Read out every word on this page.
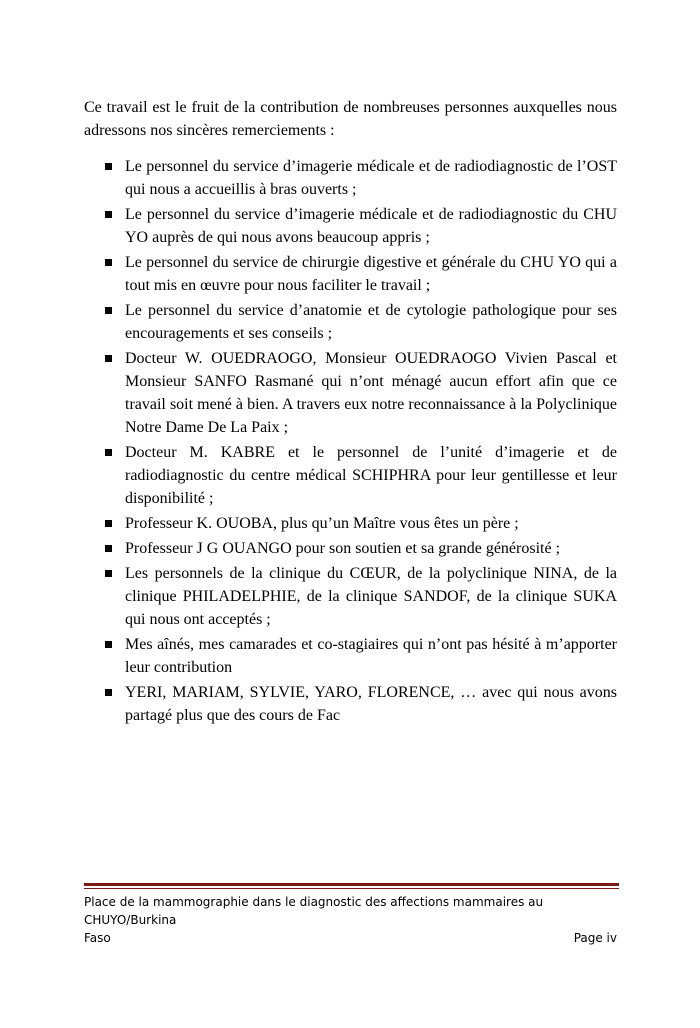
Ce travail est le fruit de la contribution de nombreuses personnes auxquelles nous adressons nos sincères remerciements :

Le personnel du service d’imagerie médicale et de radiodiagnostic de l’OST qui nous a accueillis à bras ouverts ;
Le personnel du service d’imagerie médicale et de radiodiagnostic du CHU YO auprès de qui nous avons beaucoup appris ;
Le personnel du service de chirurgie digestive et générale du CHU YO qui a tout mis en œuvre pour nous faciliter le travail ;
Le personnel du service d’anatomie et de cytologie pathologique pour ses encouragements et ses conseils ;
Docteur W. OUEDRAOGO, Monsieur OUEDRAOGO Vivien Pascal et Monsieur SANFO Rasmané qui n’ont ménagé aucun effort afin que ce travail soit mené à bien. A travers eux notre reconnaissance à la Polyclinique Notre Dame De La Paix ;
Docteur M. KABRE et le personnel de l’unité d’imagerie et de radiodiagnostic du centre médical SCHIPHRA pour leur gentillesse et leur disponibilité ;
Professeur K. OUOBA, plus qu’un Maître vous êtes un père ;
Professeur J G OUANGO pour son soutien et sa grande générosité ;
Les personnels de la clinique du CŒUR, de la polyclinique NINA, de la clinique PHILADELPHIE, de la clinique SANDOF, de la clinique SUKA qui nous ont acceptés ;
Mes aînés, mes camarades et co-stagiaires qui n’ont pas hésité à m’apporter leur contribution
YERI, MARIAM, SYLVIE, YARO, FLORENCE, … avec qui nous avons partagé plus que des cours de Fac
Place de la mammographie dans le diagnostic des affections mammaires au CHUYO/Burkina
Faso	Page iv
